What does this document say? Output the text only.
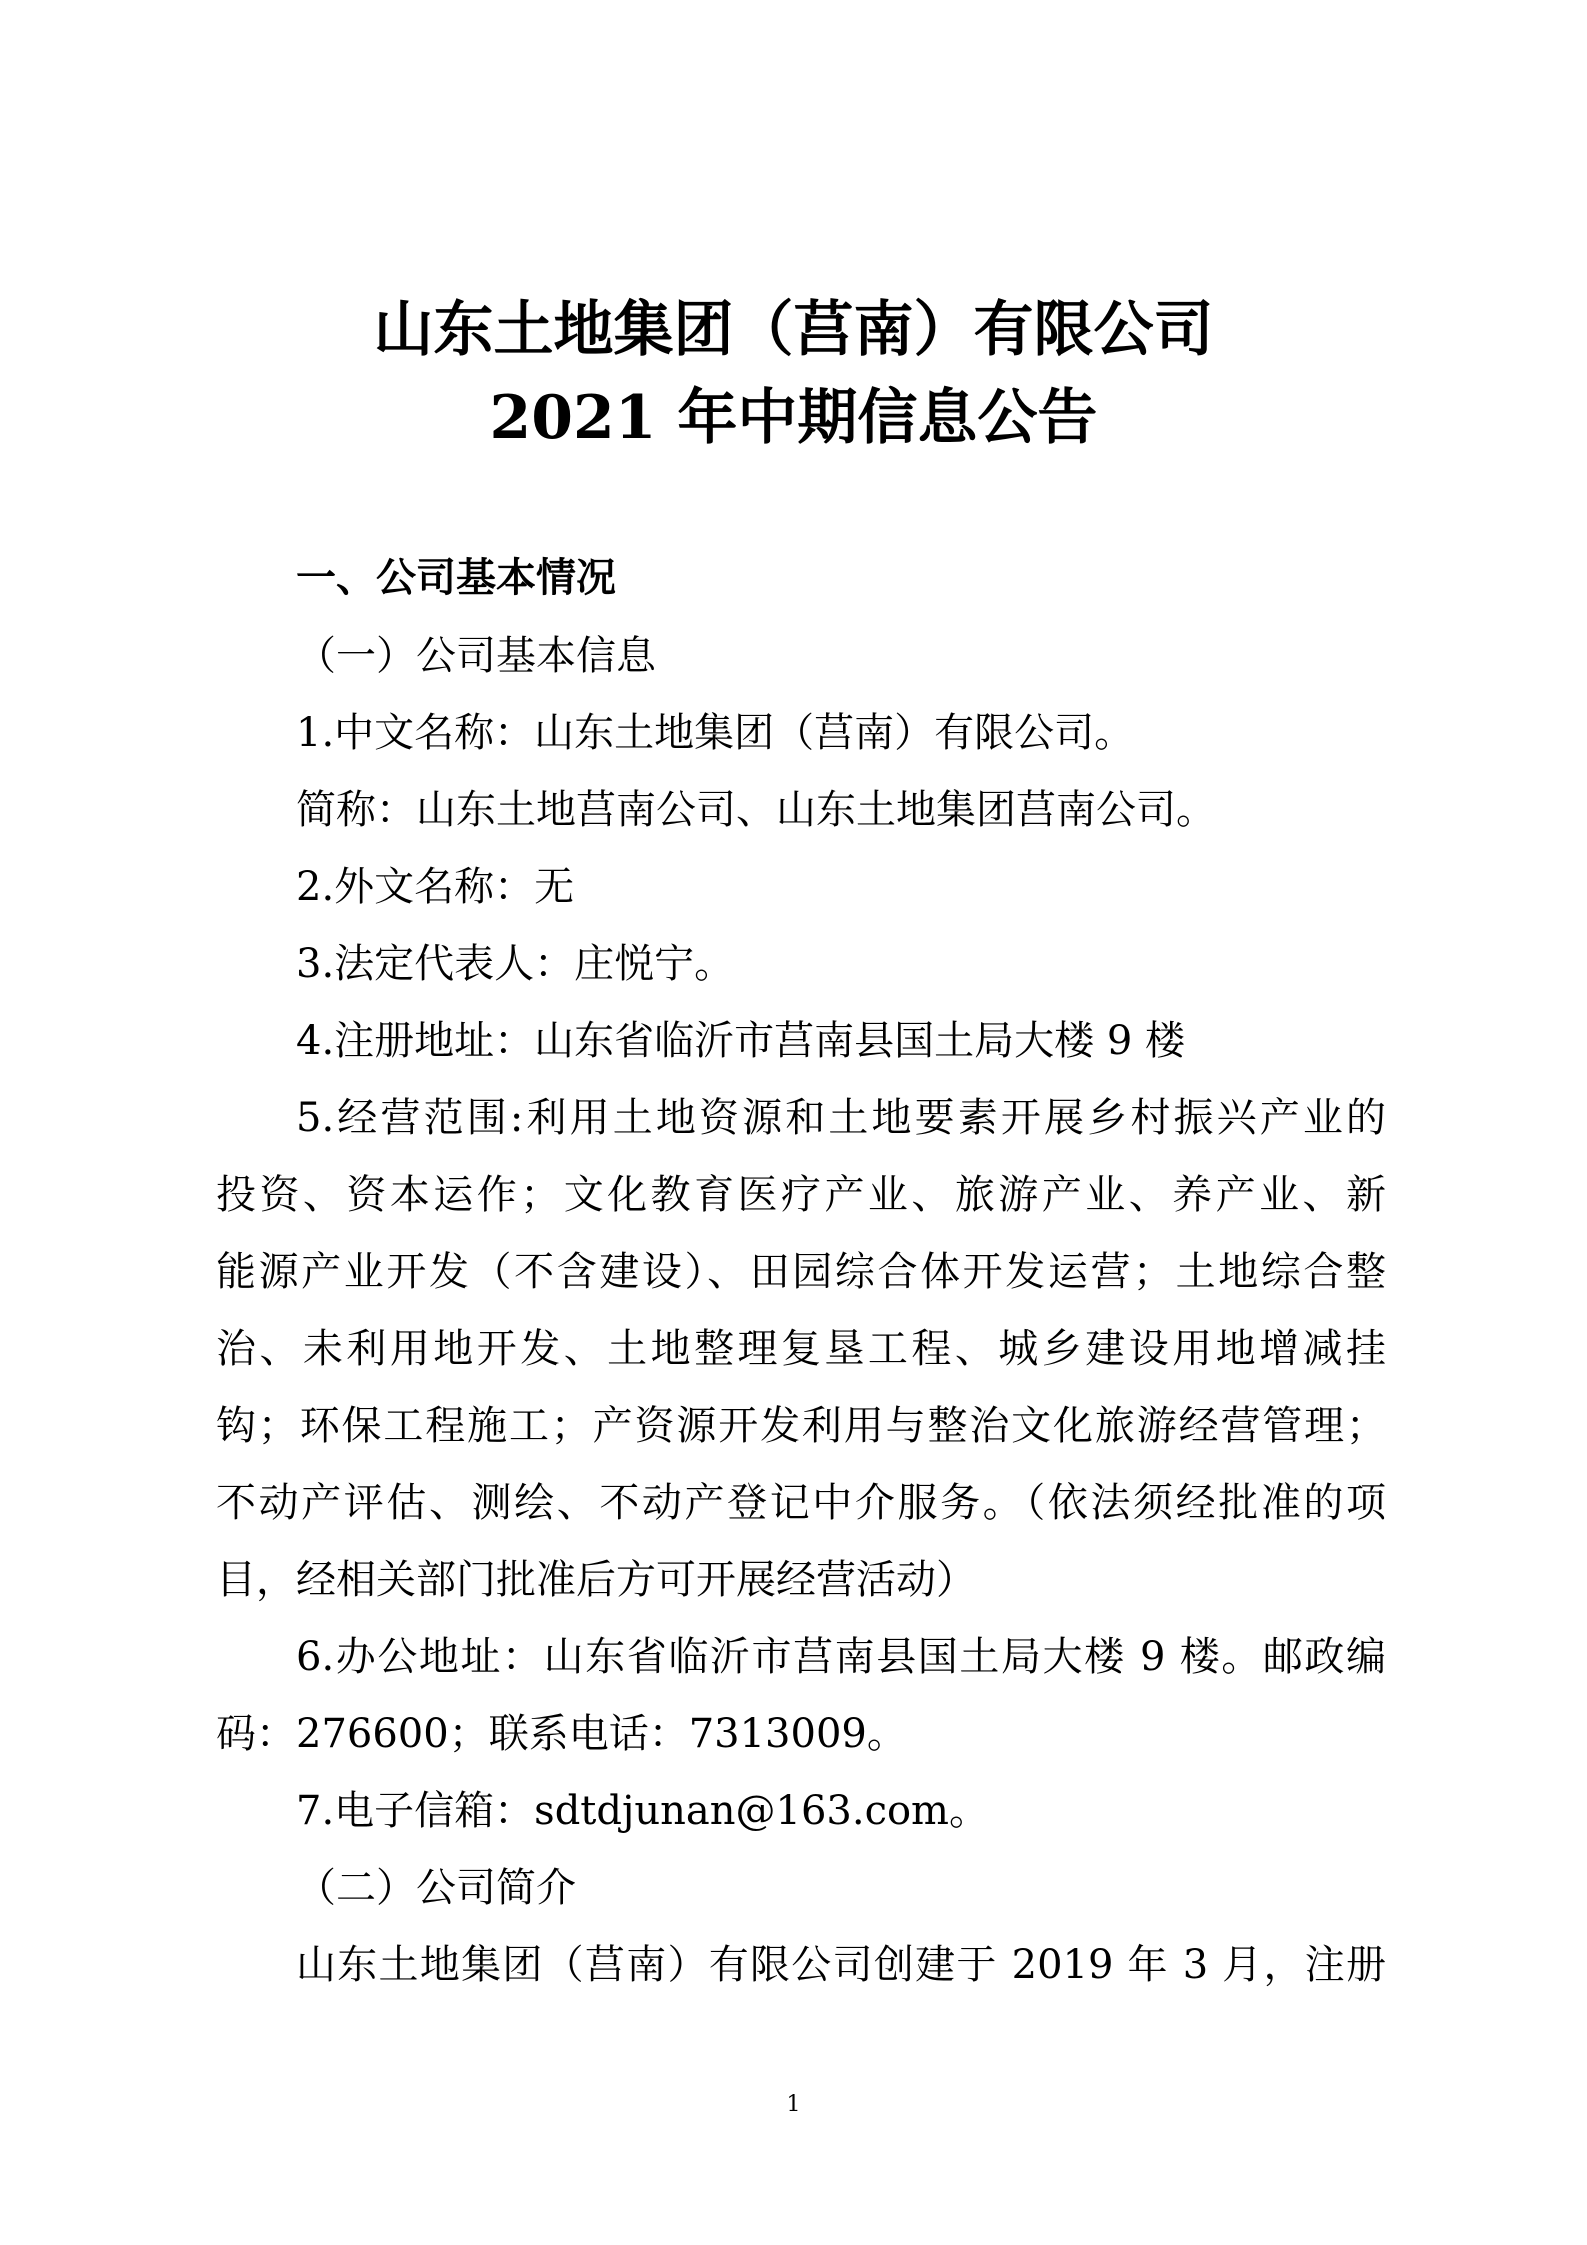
山东土地集团（莒南）有限公司
2021 年中期信息公告
一、公司基本情况
（一）公司基本信息
1.中文名称：山东土地集团（莒南）有限公司。
简称：山东土地莒南公司、山东土地集团莒南公司。
2.外文名称：无
3.法定代表人：庄悦宁。
4.注册地址：山东省临沂市莒南县国土局大楼 9 楼
5.经营范围:利用土地资源和土地要素开展乡村振兴产业的
投资、资本运作；文化教育医疗产业、旅游产业、养产业、新
能源产业开发（不含建设）、田园综合体开发运营；土地综合整
治、未利用地开发、土地整理复垦工程、城乡建设用地增减挂
钩；环保工程施工；产资源开发利用与整治文化旅游经营管理；
不动产评估、测绘、不动产登记中介服务。（依法须经批准的项
目，经相关部门批准后方可开展经营活动）
6.办公地址：山东省临沂市莒南县国土局大楼 9 楼。邮政编
码：276600；联系电话：7313009。
7.电子信箱：sdtdjunan@163.com。
（二）公司简介
山东土地集团（莒南）有限公司创建于 2019 年 3 月，注册
1
